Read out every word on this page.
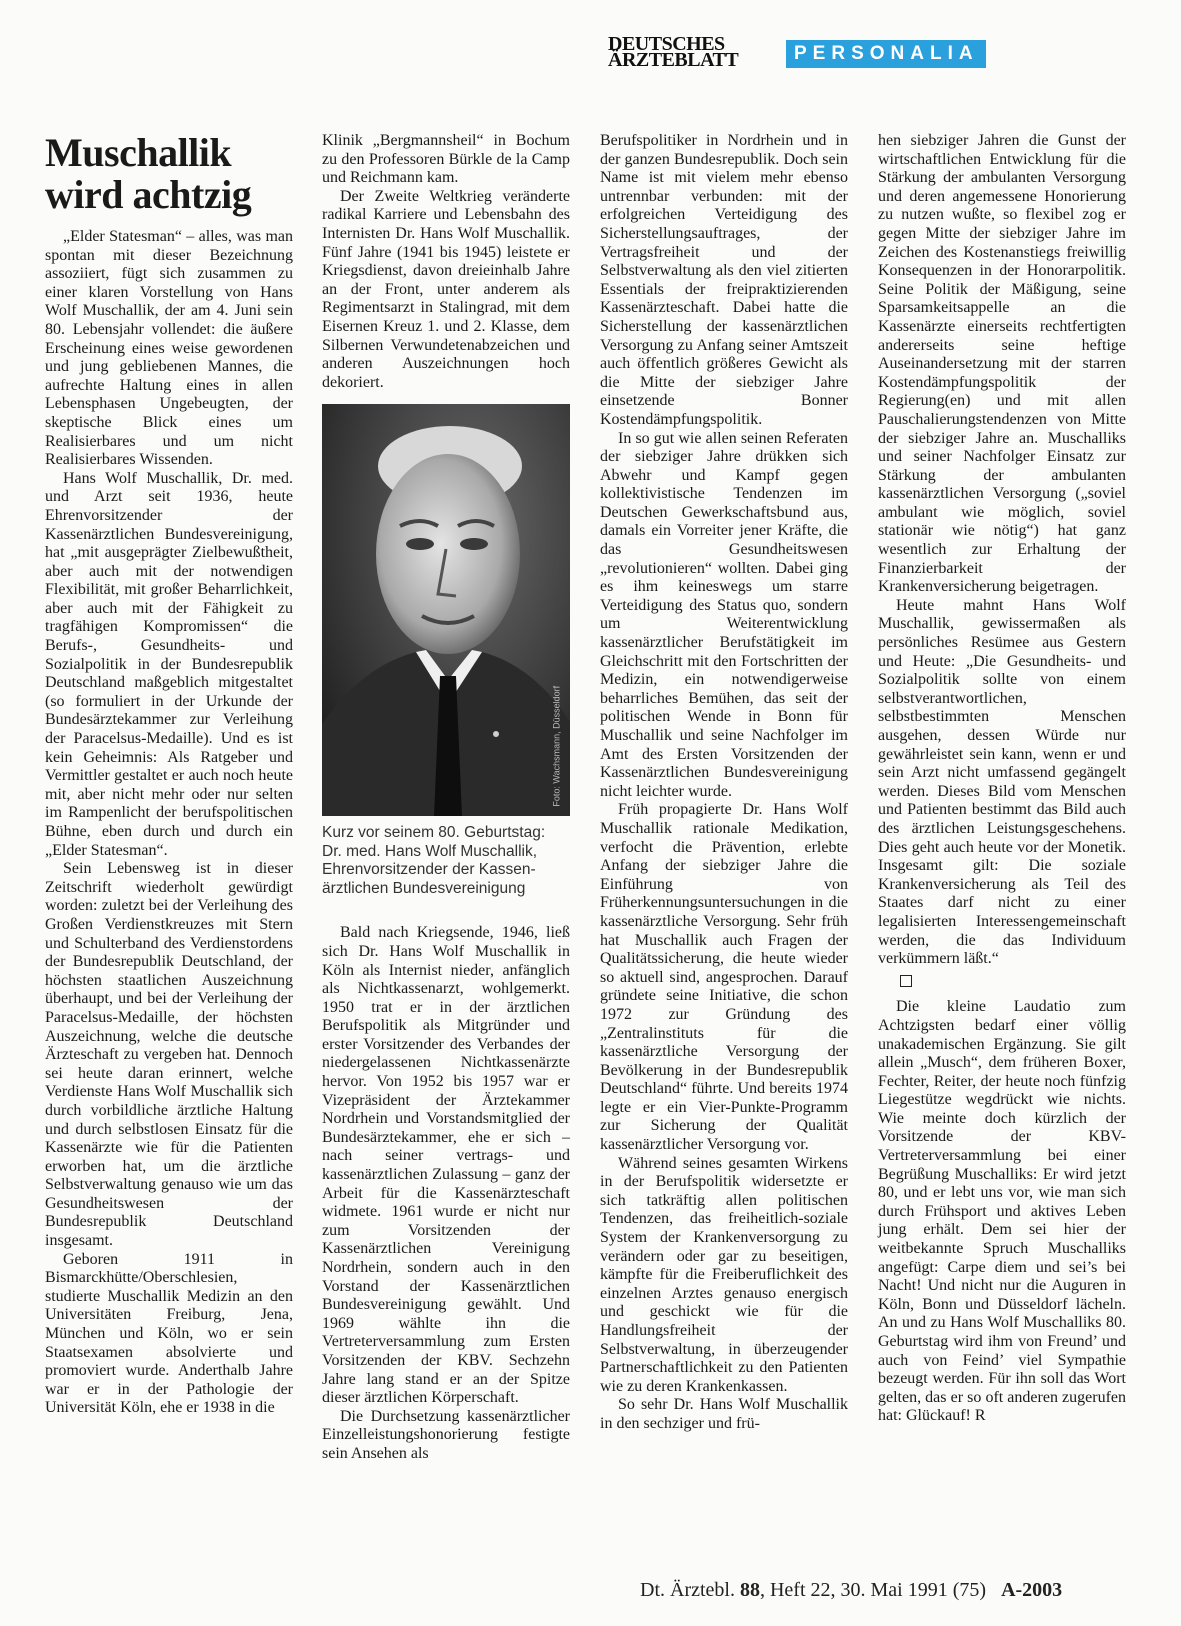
DEUTSCHES
ÄRZTEBLATT	PERSONALIA
Muschallik
wird achtzig

„Elder Statesman“ – alles, was man spontan mit dieser Bezeichnung assoziiert, fügt sich zusammen zu einer klaren Vorstellung von Hans Wolf Muschallik, der am 4. Juni sein 80. Lebensjahr vollendet: die äußere Erscheinung eines weise gewordenen und jung gebliebenen Mannes, die aufrechte Haltung eines in allen Lebensphasen Ungebeugten, der skeptische Blick eines um Realisierbares und um nicht Realisierbares Wissenden.

Hans Wolf Muschallik, Dr. med. und Arzt seit 1936, heute Ehrenvorsitzender der Kassenärztlichen Bundesvereinigung, hat „mit ausgeprägter Zielbewußtheit, aber auch mit der notwendigen Flexibilität, mit großer Beharrlichkeit, aber auch mit der Fähigkeit zu tragfähigen Kompromissen“ die Berufs-, Gesundheits- und Sozialpolitik in der Bundesrepublik Deutschland maßgeblich mitgestaltet (so formuliert in der Urkunde der Bundesärztekammer zur Verleihung der Paracelsus-Medaille). Und es ist kein Geheimnis: Als Ratgeber und Vermittler gestaltet er auch noch heute mit, aber nicht mehr oder nur selten im Rampenlicht der berufspolitischen Bühne, eben durch und durch ein „Elder Statesman“.

Sein Lebensweg ist in dieser Zeitschrift wiederholt gewürdigt worden: zuletzt bei der Verleihung des Großen Verdienstkreuzes mit Stern und Schulterband des Verdienstordens der Bundesrepublik Deutschland, der höchsten staatlichen Auszeichnung überhaupt, und bei der Verleihung der Paracelsus-Medaille, der höchsten Auszeichnung, welche die deutsche Ärzteschaft zu vergeben hat. Dennoch sei heute daran erinnert, welche Verdienste Hans Wolf Muschallik sich durch vorbildliche ärztliche Haltung und durch selbstlosen Einsatz für die Kassenärzte wie für die Patienten erworben hat, um die ärztliche Selbstverwaltung genauso wie um das Gesundheitswesen der Bundesrepublik Deutschland insgesamt.

Geboren 1911 in Bismarckhütte/Oberschlesien, studierte Muschallik Medizin an den Universitäten Freiburg, Jena, München und Köln, wo er sein Staatsexamen absolvierte und promoviert wurde. Anderthalb Jahre war er in der Pathologie der Universität Köln, ehe er 1938 in die

Klinik „Bergmannsheil“ in Bochum zu den Professoren Bürkle de la Camp und Reichmann kam.

Der Zweite Weltkrieg veränderte radikal Karriere und Lebensbahn des Internisten Dr. Hans Wolf Muschallik. Fünf Jahre (1941 bis 1945) leistete er Kriegsdienst, davon dreieinhalb Jahre an der Front, unter anderem als Regimentsarzt in Stalingrad, mit dem Eisernen Kreuz 1. und 2. Klasse, dem Silbernen Verwundetenabzeichen und anderen Auszeichnungen hoch dekoriert.

Foto: Wachsmann, Düsseldorf
Kurz vor seinem 80. Geburtstag:
Dr. med. Hans Wolf Muschallik,
Ehrenvorsitzender der Kassen-
ärztlichen Bundesvereinigung

Bald nach Kriegsende, 1946, ließ sich Dr. Hans Wolf Muschallik in Köln als Internist nieder, anfänglich als Nichtkassenarzt, wohlgemerkt. 1950 trat er in der ärztlichen Berufspolitik als Mitgründer und erster Vorsitzender des Verbandes der niedergelassenen Nichtkassenärzte hervor. Von 1952 bis 1957 war er Vizepräsident der Ärztekammer Nordrhein und Vorstandsmitglied der Bundesärztekammer, ehe er sich – nach seiner vertrags- und kassenärztlichen Zulassung – ganz der Arbeit für die Kassenärzteschaft widmete. 1961 wurde er nicht nur zum Vorsitzenden der Kassenärztlichen Vereinigung Nordrhein, sondern auch in den Vorstand der Kassenärztlichen Bundesvereinigung gewählt. Und 1969 wählte ihn die Vertreterversammlung zum Ersten Vorsitzenden der KBV. Sechzehn Jahre lang stand er an der Spitze dieser ärztlichen Körperschaft.

Die Durchsetzung kassenärztlicher Einzelleistungshonorierung festigte sein Ansehen als

Berufspolitiker in Nordrhein und in der ganzen Bundesrepublik. Doch sein Name ist mit vielem mehr ebenso untrennbar verbunden: mit der erfolgreichen Verteidigung des Sicherstellungsauftrages, der Vertragsfreiheit und der Selbstverwaltung als den viel zitierten Essentials der freipraktizierenden Kassenärzteschaft. Dabei hatte die Sicherstellung der kassenärztlichen Versorgung zu Anfang seiner Amtszeit auch öffentlich größeres Gewicht als die Mitte der siebziger Jahre einsetzende Bonner Kostendämpfungspolitik.

In so gut wie allen seinen Referaten der siebziger Jahre drükken sich Abwehr und Kampf gegen kollektivistische Tendenzen im Deutschen Gewerkschaftsbund aus, damals ein Vorreiter jener Kräfte, die das Gesundheitswesen „revolutionieren“ wollten. Dabei ging es ihm keineswegs um starre Verteidigung des Status quo, sondern um Weiterentwicklung kassenärztlicher Berufstätigkeit im Gleichschritt mit den Fortschritten der Medizin, ein notwendigerweise beharrliches Bemühen, das seit der politischen Wende in Bonn für Muschallik und seine Nachfolger im Amt des Ersten Vorsitzenden der Kassenärztlichen Bundesvereinigung nicht leichter wurde.

Früh propagierte Dr. Hans Wolf Muschallik rationale Medikation, verfocht die Prävention, erlebte Anfang der siebziger Jahre die Einführung von Früherkennungsuntersuchungen in die kassenärztliche Versorgung. Sehr früh hat Muschallik auch Fragen der Qualitätssicherung, die heute wieder so aktuell sind, angesprochen. Darauf gründete seine Initiative, die schon 1972 zur Gründung des „Zentralinstituts für die kassenärztliche Versorgung der Bevölkerung in der Bundesrepublik Deutschland“ führte. Und bereits 1974 legte er ein Vier-Punkte-Programm zur Sicherung der Qualität kassenärztlicher Versorgung vor.

Während seines gesamten Wirkens in der Berufspolitik widersetzte er sich tatkräftig allen politischen Tendenzen, das freiheitlich-soziale System der Krankenversorgung zu verändern oder gar zu beseitigen, kämpfte für die Freiberuflichkeit des einzelnen Arztes genauso energisch und geschickt wie für die Handlungsfreiheit der Selbstverwaltung, in überzeugender Partnerschaftlichkeit zu den Patienten wie zu deren Krankenkassen.

So sehr Dr. Hans Wolf Muschallik in den sechziger und frü-

hen siebziger Jahren die Gunst der wirtschaftlichen Entwicklung für die Stärkung der ambulanten Versorgung und deren angemessene Honorierung zu nutzen wußte, so flexibel zog er gegen Mitte der siebziger Jahre im Zeichen des Kostenanstiegs freiwillig Konsequenzen in der Honorarpolitik. Seine Politik der Mäßigung, seine Sparsamkeitsappelle an die Kassenärzte einerseits rechtfertigten andererseits seine heftige Auseinandersetzung mit der starren Kostendämpfungspolitik der Regierung(en) und mit allen Pauschalierungstendenzen von Mitte der siebziger Jahre an. Muschalliks und seiner Nachfolger Einsatz zur Stärkung der ambulanten kassenärztlichen Versorgung („soviel ambulant wie möglich, soviel stationär wie nötig“) hat ganz wesentlich zur Erhaltung der Finanzierbarkeit der Krankenversicherung beigetragen.

Heute mahnt Hans Wolf Muschallik, gewissermaßen als persönliches Resümee aus Gestern und Heute: „Die Gesundheits- und Sozialpolitik sollte von einem selbstverantwortlichen, selbstbestimmten Menschen ausgehen, dessen Würde nur gewährleistet sein kann, wenn er und sein Arzt nicht umfassend gegängelt werden. Dieses Bild vom Menschen und Patienten bestimmt das Bild auch des ärztlichen Leistungsgeschehens. Dies geht auch heute vor der Monetik. Insgesamt gilt: Die soziale Krankenversicherung als Teil des Staates darf nicht zu einer legalisierten Interessengemeinschaft werden, die das Individuum verkümmern läßt.“

Die kleine Laudatio zum Achtzigsten bedarf einer völlig unakademischen Ergänzung. Sie gilt allein „Musch“, dem früheren Boxer, Fechter, Reiter, der heute noch fünfzig Liegestütze wegdrückt wie nichts. Wie meinte doch kürzlich der Vorsitzende der KBV-Vertreterversammlung bei einer Begrüßung Muschalliks: Er wird jetzt 80, und er lebt uns vor, wie man sich durch Frühsport und aktives Leben jung erhält. Dem sei hier der weitbekannte Spruch Muschalliks angefügt: Carpe diem und sei’s bei Nacht! Und nicht nur die Auguren in Köln, Bonn und Düsseldorf lächeln. An und zu Hans Wolf Muschalliks 80. Geburtstag wird ihm von Freund’ und auch von Feind’ viel Sympathie bezeugt werden. Für ihn soll das Wort gelten, das er so oft anderen zugerufen hat: Glückauf! R

Dt. Ärztebl. 88, Heft 22, 30. Mai 1991 (75) A-2003
